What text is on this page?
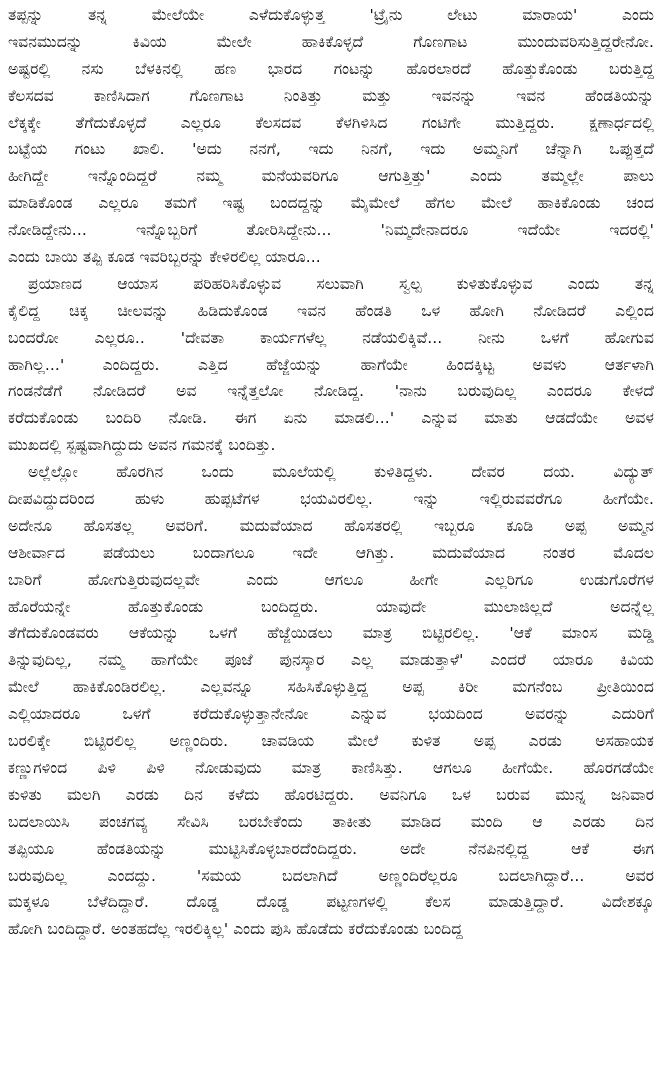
ತಪ್ಪನ್ನು ತನ್ನ ಮೇಲೆಯೇ ಎಳೆದುಕೊಳ್ಳುತ್ತ 'ಟ್ರೈನು ಲೇಟು ಮಾರಾಯ' ಎಂದು
ಇವನಮುದನ್ನು ಕಿವಿಯ ಮೇಲೇ ಹಾಕಿಕೊಳ್ಳದೆ ಗೊಣಗಾಟ ಮುಂದುವರಿಸುತ್ತಿದ್ದರೇನೋ.
ಅಷ್ಟರಲ್ಲಿ ನಸು ಬೆಳಕಿನಲ್ಲಿ ಹಣ ಭಾರದ ಗಂಟನ್ನು ಹೊರಲಾರದೆ ಹೊತ್ತುಕೊಂಡು ಬರುತ್ತಿದ್ದ
ಕೆಲಸದವ ಕಾಣಿಸಿದಾಗ ಗೊಣಗಾಟ ನಿಂತಿತ್ತು ಮತ್ತು ಇವನನ್ನು ಇವನ ಹೆಂಡತಿಯನ್ನು
ಲೆಕ್ಕಕ್ಕೇ ತೆಗೆದುಕೊಳ್ಳದೆ ಎಲ್ಲರೂ ಕೆಲಸದವ ಕೆಳಗಿಳಿಸಿದ ಗಂಟಿಗೇ ಮುತ್ತಿದ್ದರು. ಕ್ಷಣಾರ್ಧದಲ್ಲಿ
ಬಟ್ಟೆಯ ಗಂಟು ಖಾಲಿ. 'ಅದು ನನಗೆ, ಇದು ನಿನಗೆ, ಇದು ಅಮ್ಮನಿಗೆ ಚೆನ್ನಾಗಿ ಒಪ್ಪುತ್ತದೆ
ಹೀಗಿದ್ದೇ ಇನ್ನೊಂದಿದ್ದರೆ ನಮ್ಮ ಮನೆಯವರಿಗೂ ಆಗುತ್ತಿತ್ತು' ಎಂದು ತಮ್ಮಲ್ಲೇ ಪಾಲು
ಮಾಡಿಕೊಂಡ ಎಲ್ಲರೂ ತಮಗೆ ಇಷ್ಟ ಬಂದದ್ದನ್ನು ಮೈಮೇಲೆ ಹೆಗಲ ಮೇಲೆ ಹಾಕಿಕೊಂಡು ಚಂದ
ನೋಡಿದ್ದೇನು... ಇನ್ನೊಬ್ಬರಿಗೆ ತೋರಿಸಿದ್ದೇನು... 'ನಿಮ್ಮದೇನಾದರೂ ಇದೆಯೇ ಇದರಲ್ಲಿ'
ಎಂದು ಬಾಯಿ ತಪ್ಪಿ ಕೂಡ ಇವರಿಬ್ಬರನ್ನು ಕೇಳಿರಲಿಲ್ಲ ಯಾರೂ...
ಪ್ರಯಾಣದ ಆಯಾಸ ಪರಿಹರಿಸಿಕೊಳ್ಳುವ ಸಲುವಾಗಿ ಸ್ವಲ್ಪ ಕುಳಿತುಕೊಳ್ಳುವ ಎಂದು ತನ್ನ
ಕೈಲಿದ್ದ ಚಿಕ್ಕ ಚೀಲವನ್ನು ಹಿಡಿದುಕೊಂಡ ಇವನ ಹೆಂಡತಿ ಒಳ ಹೋಗಿ ನೋಡಿದರೆ ಎಲ್ಲಿಂದ
ಬಂದರೋ ಎಲ್ಲರೂ.. 'ದೇವತಾ ಕಾರ್ಯಗಳೆಲ್ಲ ನಡೆಯಲಿಕ್ಕಿವೆ... ನೀನು ಒಳಗೆ ಹೋಗುವ
ಹಾಗಿಲ್ಲ...' ಎಂದಿದ್ದರು. ಎತ್ತಿದ ಹೆಜ್ಜೆಯನ್ನು ಹಾಗೆಯೇ ಹಿಂದಕ್ಕಿಟ್ಟ ಅವಳು ಆರ್ತಳಾಗಿ
ಗಂಡನೆಡೆಗೆ ನೋಡಿದರೆ ಅವ ಇನ್ನೆತ್ತಲೋ ನೋಡಿದ್ದ. 'ನಾನು ಬರುವುದಿಲ್ಲ ಎಂದರೂ ಕೇಳದೆ
ಕರೆದುಕೊಂಡು ಬಂದಿರಿ ನೋಡಿ. ಈಗ ಏನು ಮಾಡಲಿ...' ಎನ್ನುವ ಮಾತು ಆಡದೆಯೇ ಅವಳ
ಮುಖದಲ್ಲಿ ಸ್ಪಷ್ಟವಾಗಿದ್ದುದು ಅವನ ಗಮನಕ್ಕೆ ಬಂದಿತ್ತು.
ಅಲ್ಲೆಲ್ಲೋ ಹೊರಗಿನ ಒಂದು ಮೂಲೆಯಲ್ಲಿ ಕುಳಿತಿದ್ದಳು. ದೇವರ ದಯ. ವಿದ್ಯುತ್
ದೀಪವಿದ್ದುದರಿಂದ ಹುಳು ಹುಪ್ಪಟೆಗಳ ಭಯವಿರಲಿಲ್ಲ. ಇನ್ನು ಇಲ್ಲಿರುವವರೆಗೂ ಹೀಗೆಯೇ.
ಅದೇನೂ ಹೊಸತಲ್ಲ ಅವರಿಗೆ. ಮದುವೆಯಾದ ಹೊಸತರಲ್ಲಿ ಇಬ್ಬರೂ ಕೂಡಿ ಅಪ್ಪ ಅಮ್ಮನ
ಆಶೀರ್ವಾದ ಪಡೆಯಲು ಬಂದಾಗಲೂ ಇದೇ ಆಗಿತ್ತು. ಮದುವೆಯಾದ ನಂತರ ಮೊದಲ
ಬಾರಿಗೆ ಹೋಗುತ್ತಿರುವುದಲ್ಲವೇ ಎಂದು ಆಗಲೂ ಹೀಗೇ ಎಲ್ಲರಿಗೂ ಉಡುಗೊರೆಗಳ
ಹೊರೆಯನ್ನೇ ಹೊತ್ತುಕೊಂಡು ಬಂದಿದ್ದರು. ಯಾವುದೇ ಮುಲಾಜಿಲ್ಲದೆ ಅದನ್ನೆಲ್ಲ
ತೆಗೆದುಕೊಂಡವರು ಆಕೆಯನ್ನು ಒಳಗೆ ಹೆಜ್ಜೆಯಿಡಲು ಮಾತ್ರ ಬಿಟ್ಟಿರಲಿಲ್ಲ. 'ಆಕೆ ಮಾಂಸ ಮಡ್ಡಿ
ತಿನ್ನುವುದಿಲ್ಲ, ನಮ್ಮ ಹಾಗೆಯೇ ಪೂಜೆ ಪುನಸ್ಕಾರ ಎಲ್ಲ ಮಾಡುತ್ತಾಳೆ' ಎಂದರೆ ಯಾರೂ ಕಿವಿಯ
ಮೇಲೆ ಹಾಕಿಕೊಂಡಿರಲಿಲ್ಲ. ಎಲ್ಲವನ್ನೂ ಸಹಿಸಿಕೊಳ್ಳುತ್ತಿದ್ದ ಅಪ್ಪ ಕಿರೀ ಮಗನೆಂಬ ಪ್ರೀತಿಯಿಂದ
ಎಲ್ಲಿಯಾದರೂ ಒಳಗೆ ಕರೆದುಕೊಳ್ಳುತ್ತಾನೇನೋ ಎನ್ನುವ ಭಯದಿಂದ ಅವರನ್ನು ಎದುರಿಗೆ
ಬರಲಿಕ್ಕೇ ಬಿಟ್ಟಿರಲಿಲ್ಲ ಅಣ್ಣಂದಿರು. ಚಾವಡಿಯ ಮೇಲೆ ಕುಳಿತ ಅಪ್ಪ ಎರಡು ಅಸಹಾಯಕ
ಕಣ್ಣುಗಳಿಂದ ಪಿಳಿ ಪಿಳಿ ನೋಡುವುದು ಮಾತ್ರ ಕಾಣಿಸಿತ್ತು. ಆಗಲೂ ಹೀಗೆಯೇ. ಹೊರಗಡೆಯೇ
ಕುಳಿತು ಮಲಗಿ ಎರಡು ದಿನ ಕಳೆದು ಹೊರಟಿದ್ದರು. ಅವನಿಗೂ ಒಳ ಬರುವ ಮುನ್ನ ಜನಿವಾರ
ಬದಲಾಯಿಸಿ ಪಂಚಗವ್ಯ ಸೇವಿಸಿ ಬರಬೇಕೆಂದು ತಾಕೀತು ಮಾಡಿದ ಮಂದಿ ಆ ಎರಡು ದಿನ
ತಪ್ಪಿಯೂ ಹೆಂಡತಿಯನ್ನು ಮುಟ್ಟಿಸಿಕೊಳ್ಳಬಾರದೆಂದಿದ್ದರು. ಅದೇ ನೆನಪಿನಲ್ಲಿದ್ದ ಆಕೆ ಈಗ
ಬರುವುದಿಲ್ಲ ಎಂದದ್ದು. 'ಸಮಯ ಬದಲಾಗಿದೆ ಅಣ್ಣಂದಿರೆಲ್ಲರೂ ಬದಲಾಗಿದ್ದಾರೆ... ಅವರ
ಮಕ್ಕಳೂ ಬೆಳೆದಿದ್ದಾರೆ. ದೊಡ್ಡ ದೊಡ್ಡ ಪಟ್ಟಣಗಳಲ್ಲಿ ಕೆಲಸ ಮಾಡುತ್ತಿದ್ದಾರೆ. ವಿದೇಶಕ್ಕೂ
ಹೋಗಿ ಬಂದಿದ್ದಾರೆ. ಅಂತಹದೆಲ್ಲ ಇರಲಿಕ್ಕಿಲ್ಲ' ಎಂದು ಪುಸಿ ಹೊಡೆದು ಕರೆದುಕೊಂಡು ಬಂದಿದ್ದ
